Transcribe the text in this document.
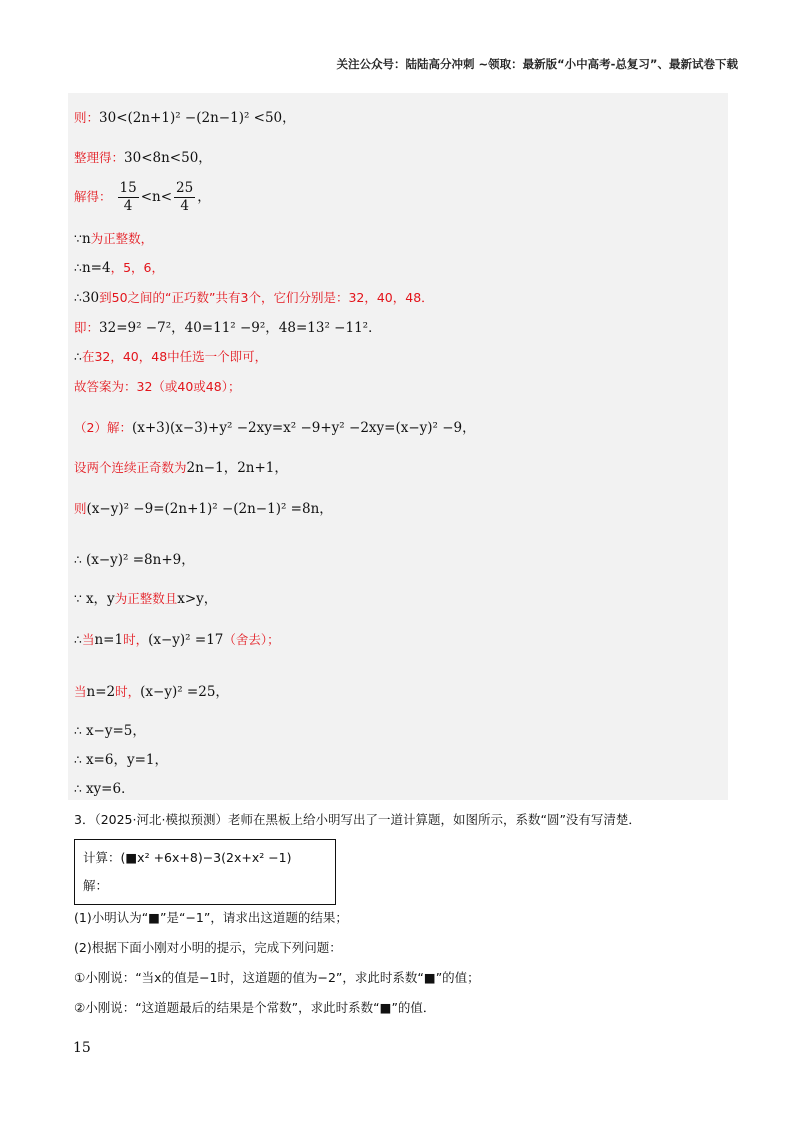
关注公众号：陆陆高分冲刺 ~领取：最新版“小中高考-总复习”、最新试卷下载
则：30<(2n+1)² −(2n−1)² <50，
整理得：30<8n<50，
解得： $\frac{15}{4} <n< \frac{25}{4}$ ，
∵n为正整数，
∴n=4，5，6，
∴30到50之间的“正巧数”共有3个，它们分别是：32，40，48．
即：32=9² −7²，40=11² −9²，48=13² −11²．
∴在32，40，48中任选一个即可，
故答案为：32（或40或48）；
（2）解：(x+3)(x−3)+y² −2xy=x² −9+y² −2xy=(x−y)² −9，
设两个连续正奇数为2n−1，2n+1，
则(x−y)² −9=(2n+1)² −(2n−1)² =8n，
∴ (x−y)² =8n+9，
∵ x，y为正整数且x>y，
∴当n=1时，(x−y)² =17（舍去）；
当n=2时，(x−y)² =25，
∴ x−y=5，
∴ x=6，y=1，
∴ xy=6．
3．（2025·河北·模拟预测）老师在黑板上给小明写出了一道计算题，如图所示，系数“圆”没有写清楚．
计算：(■x² +6x+8)−3(2x+x² −1)
解：
(1)小明认为“■”是“−1”，请求出这道题的结果；
(2)根据下面小刚对小明的提示，完成下列问题：
①小刚说：“当x的值是−1时，这道题的值为−2”，求此时系数“■”的值；
②小刚说：“这道题最后的结果是个常数”，求此时系数“■”的值．
15
